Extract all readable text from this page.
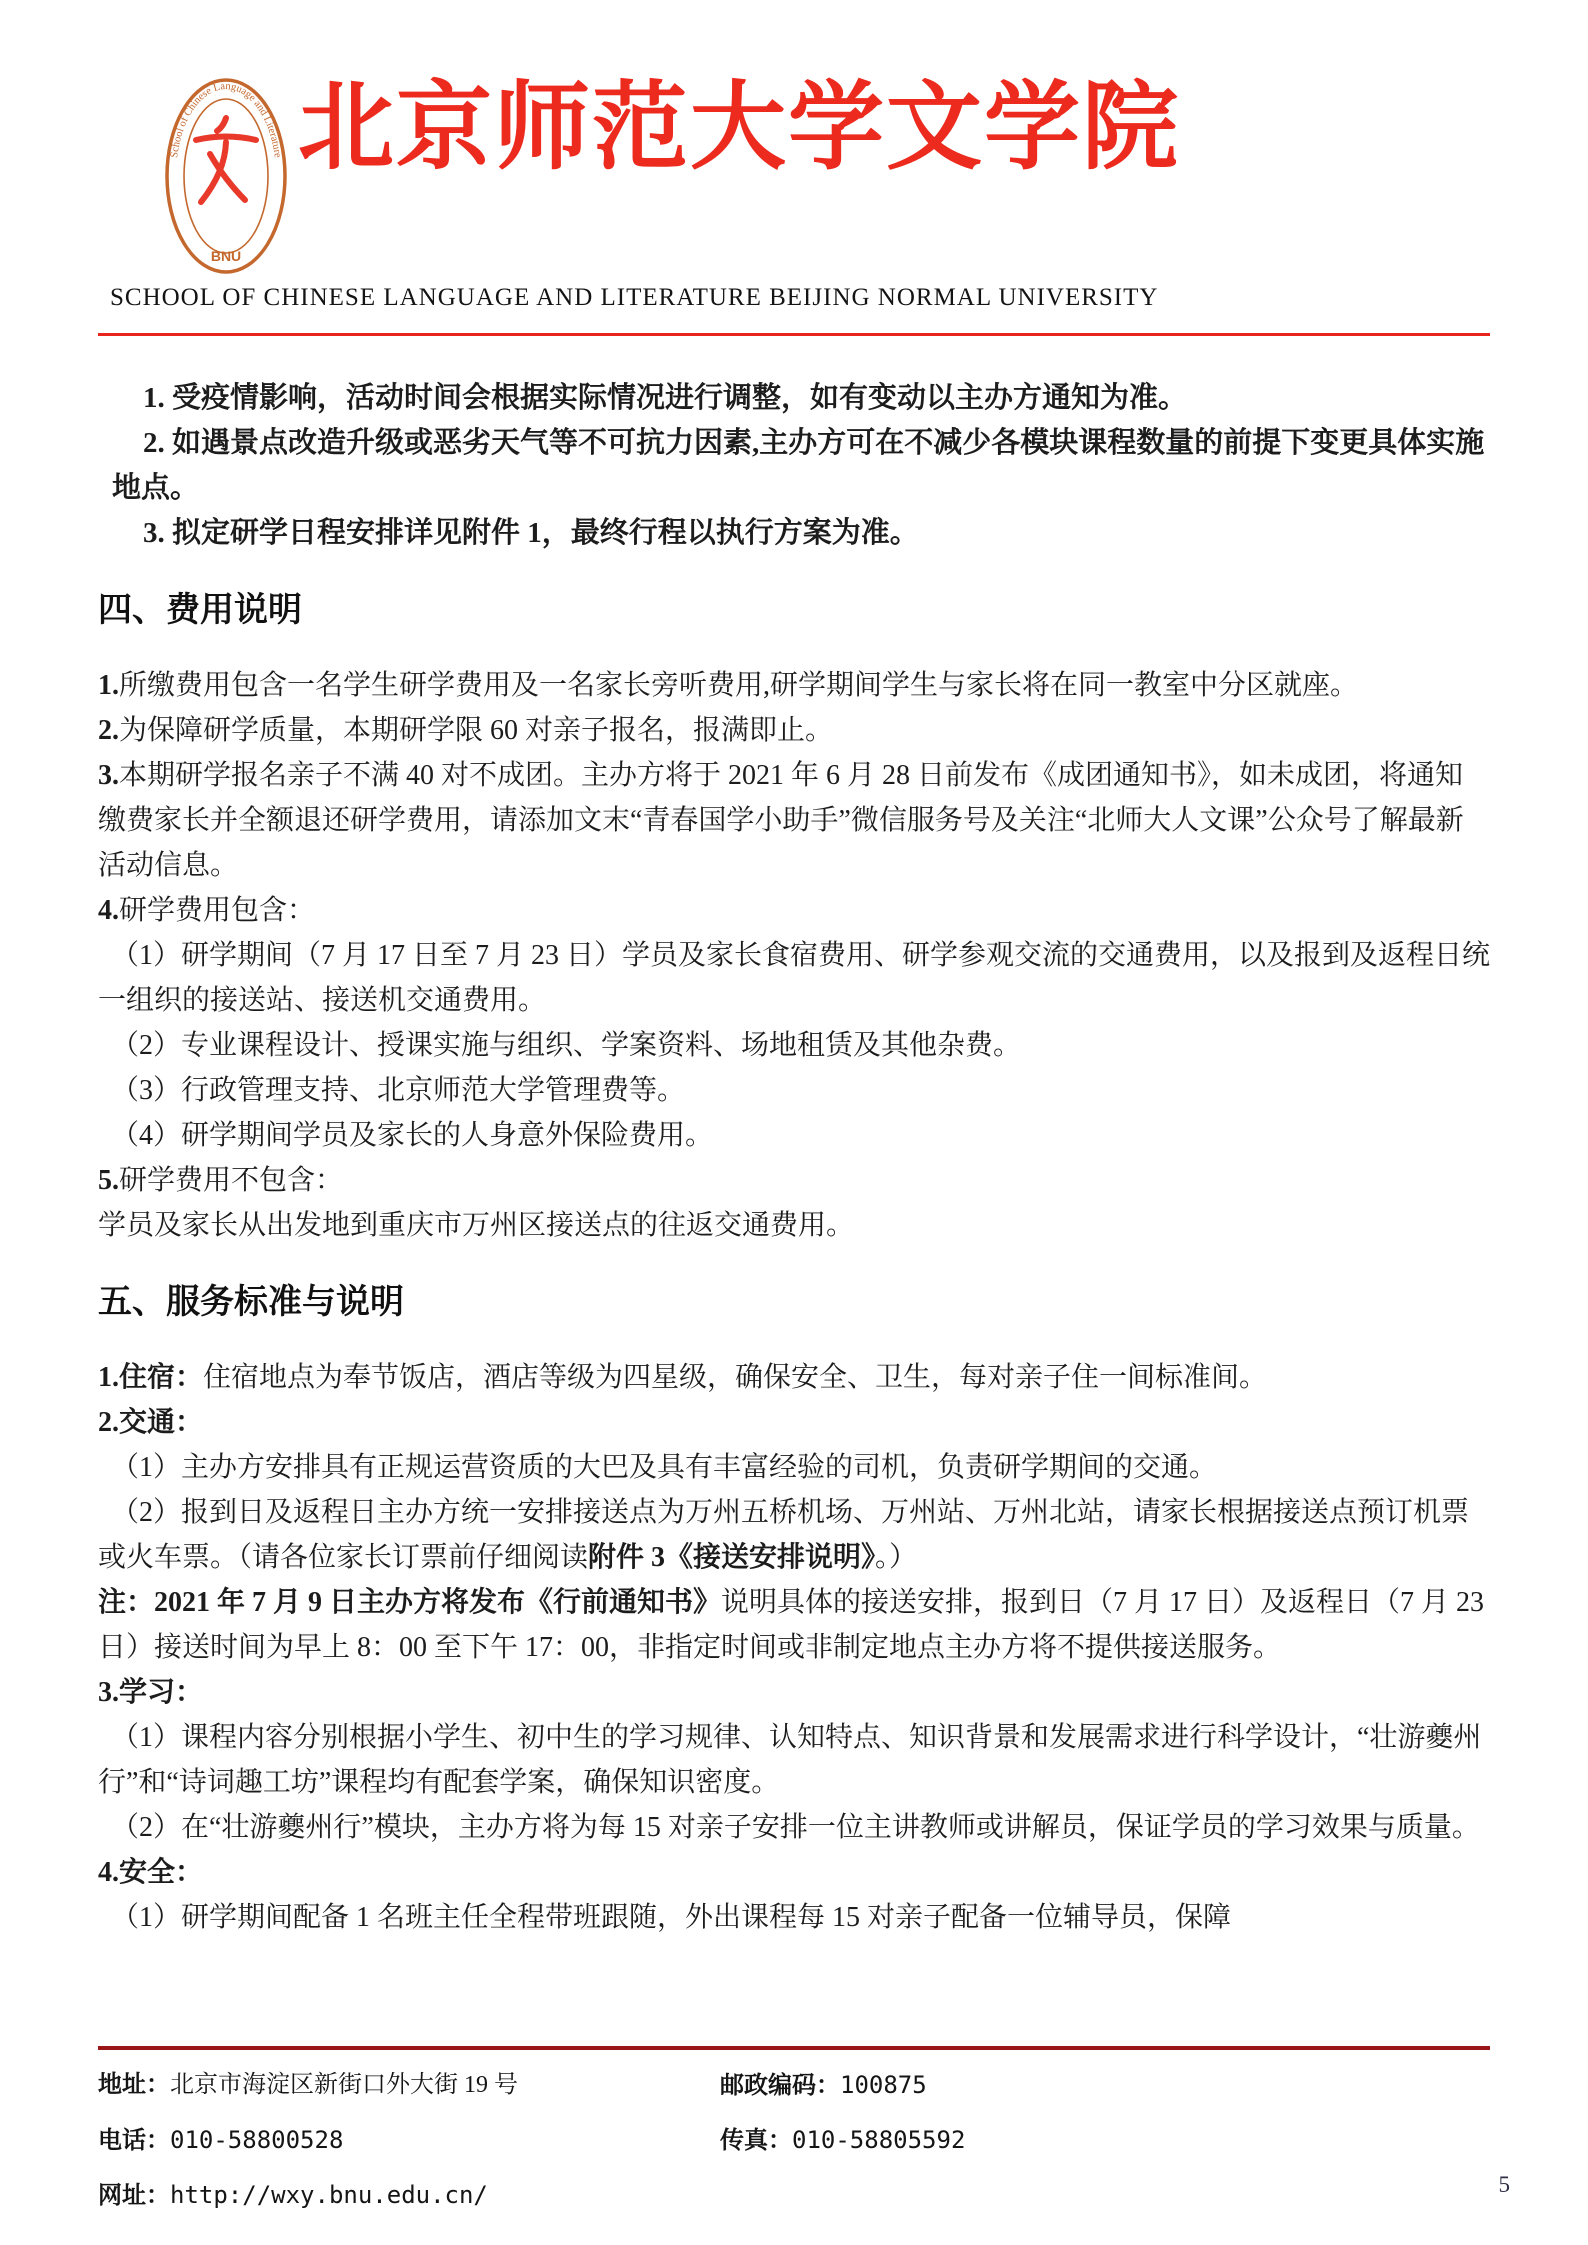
School of Chinese Language and Literature
BNU
北京师范大学文学院
SCHOOL OF CHINESE LANGUAGE AND LITERATURE BEIJING NORMAL UNIVERSITY

1. 受疫情影响，活动时间会根据实际情况进行调整，如有变动以主办方通知为准。

2. 如遇景点改造升级或恶劣天气等不可抗力因素,主办方可在不减少各模块课程数量的前提下变更具体实施地点。

3. 拟定研学日程安排详见附件 1，最终行程以执行方案为准。

四、费用说明

1.所缴费用包含一名学生研学费用及一名家长旁听费用,研学期间学生与家长将在同一教室中分区就座。

2.为保障研学质量，本期研学限 60 对亲子报名，报满即止。

3.本期研学报名亲子不满 40 对不成团。主办方将于 2021 年 6 月 28 日前发布《成团通知书》，如未成团，将通知缴费家长并全额退还研学费用，请添加文末“青春国学小助手”微信服务号及关注“北师大人文课”公众号了解最新活动信息。

4.研学费用包含：

（1）研学期间（7 月 17 日至 7 月 23 日）学员及家长食宿费用、研学参观交流的交通费用，以及报到及返程日统一组织的接送站、接送机交通费用。

（2）专业课程设计、授课实施与组织、学案资料、场地租赁及其他杂费。

（3）行政管理支持、北京师范大学管理费等。

（4）研学期间学员及家长的人身意外保险费用。

5.研学费用不包含：

学员及家长从出发地到重庆市万州区接送点的往返交通费用。

五、服务标准与说明

1.住宿：住宿地点为奉节饭店，酒店等级为四星级，确保安全、卫生，每对亲子住一间标准间。

2.交通：

（1）主办方安排具有正规运营资质的大巴及具有丰富经验的司机，负责研学期间的交通。

（2）报到日及返程日主办方统一安排接送点为万州五桥机场、万州站、万州北站，请家长根据接送点预订机票或火车票。（请各位家长订票前仔细阅读附件 3《接送安排说明》。）

注：2021 年 7 月 9 日主办方将发布《行前通知书》说明具体的接送安排，报到日（7 月 17 日）及返程日（7 月 23 日）接送时间为早上 8：00 至下午 17：00，非指定时间或非制定地点主办方将不提供接送服务。

3.学习：

（1）课程内容分别根据小学生、初中生的学习规律、认知特点、知识背景和发展需求进行科学设计，“壮游夔州行”和“诗词趣工坊”课程均有配套学案，确保知识密度。

（2）在“壮游夔州行”模块，主办方将为每 15 对亲子安排一位主讲教师或讲解员，保证学员的学习效果与质量。

4.安全：

（1）研学期间配备 1 名班主任全程带班跟随，外出课程每 15 对亲子配备一位辅导员，保障

地址：北京市海淀区新街口外大街 19 号	邮政编码：100875
电话：010-58800528	传真：010-58805592
网址：http://wxy.bnu.edu.cn/	5
